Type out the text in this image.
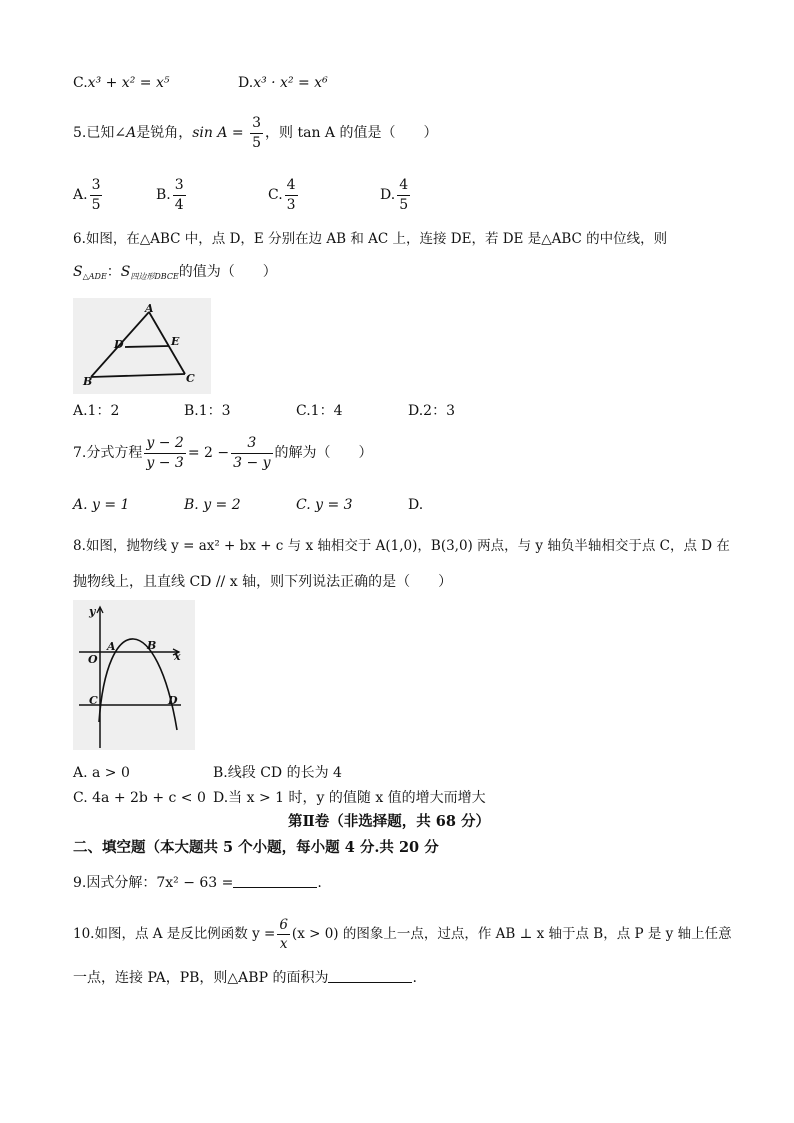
C.x³ + x² = x⁵	D.x³ · x² = x⁶
5.已知∠A是锐角，$\sin A = \frac{3}{5}$ ，则 tan A 的值是（　　）
A. $\frac{3}{5}$	B. $\frac{3}{4}$	C. $\frac{4}{3}$	D. $\frac{4}{5}$
6.如图，在△ABC 中，点 D，E 分别在边 AB 和 AC 上，连接 DE，若 DE 是△ABC 的中位线，则
$S_{\triangle ADE}$：$S_{四边形DBCE}$的值为（　　）
A
D	E
B	C
A.1：2	B.1：3	C.1：4	D.2：3
7.分式方程 $\frac{y - 2}{y - 3} = 2 - \frac{3}{3 - y}$ 的解为（　　）
A. y = 1	B. y = 2	C. y = 3	D.
8.如图，抛物线 y = ax² + bx + c 与 x 轴相交于 A(1,0)，B(3,0) 两点，与 y 轴负半轴相交于点 C，点 D 在
抛物线上，且直线 CD // x 轴，则下列说法正确的是（　　）
y
x
O
A	B
C	D
A. a > 0	B.线段 CD 的长为 4
C. 4a + 2b + c < 0 D.当 x > 1 时，y 的值随 x 值的增大而增大
第Ⅱ卷（非选择题，共 68 分）
二、填空题（本大题共 5 个小题，每小题 4 分.共 20 分
9.因式分解：7x² − 63 =	.
10.如图，点 A 是反比例函数 $y = \frac{6}{x} (x > 0)$ 的图象上一点，过点，作 AB ⊥ x 轴于点 B，点 P 是 y 轴上任意
一点，连接 PA，PB，则△ABP 的面积为	.
